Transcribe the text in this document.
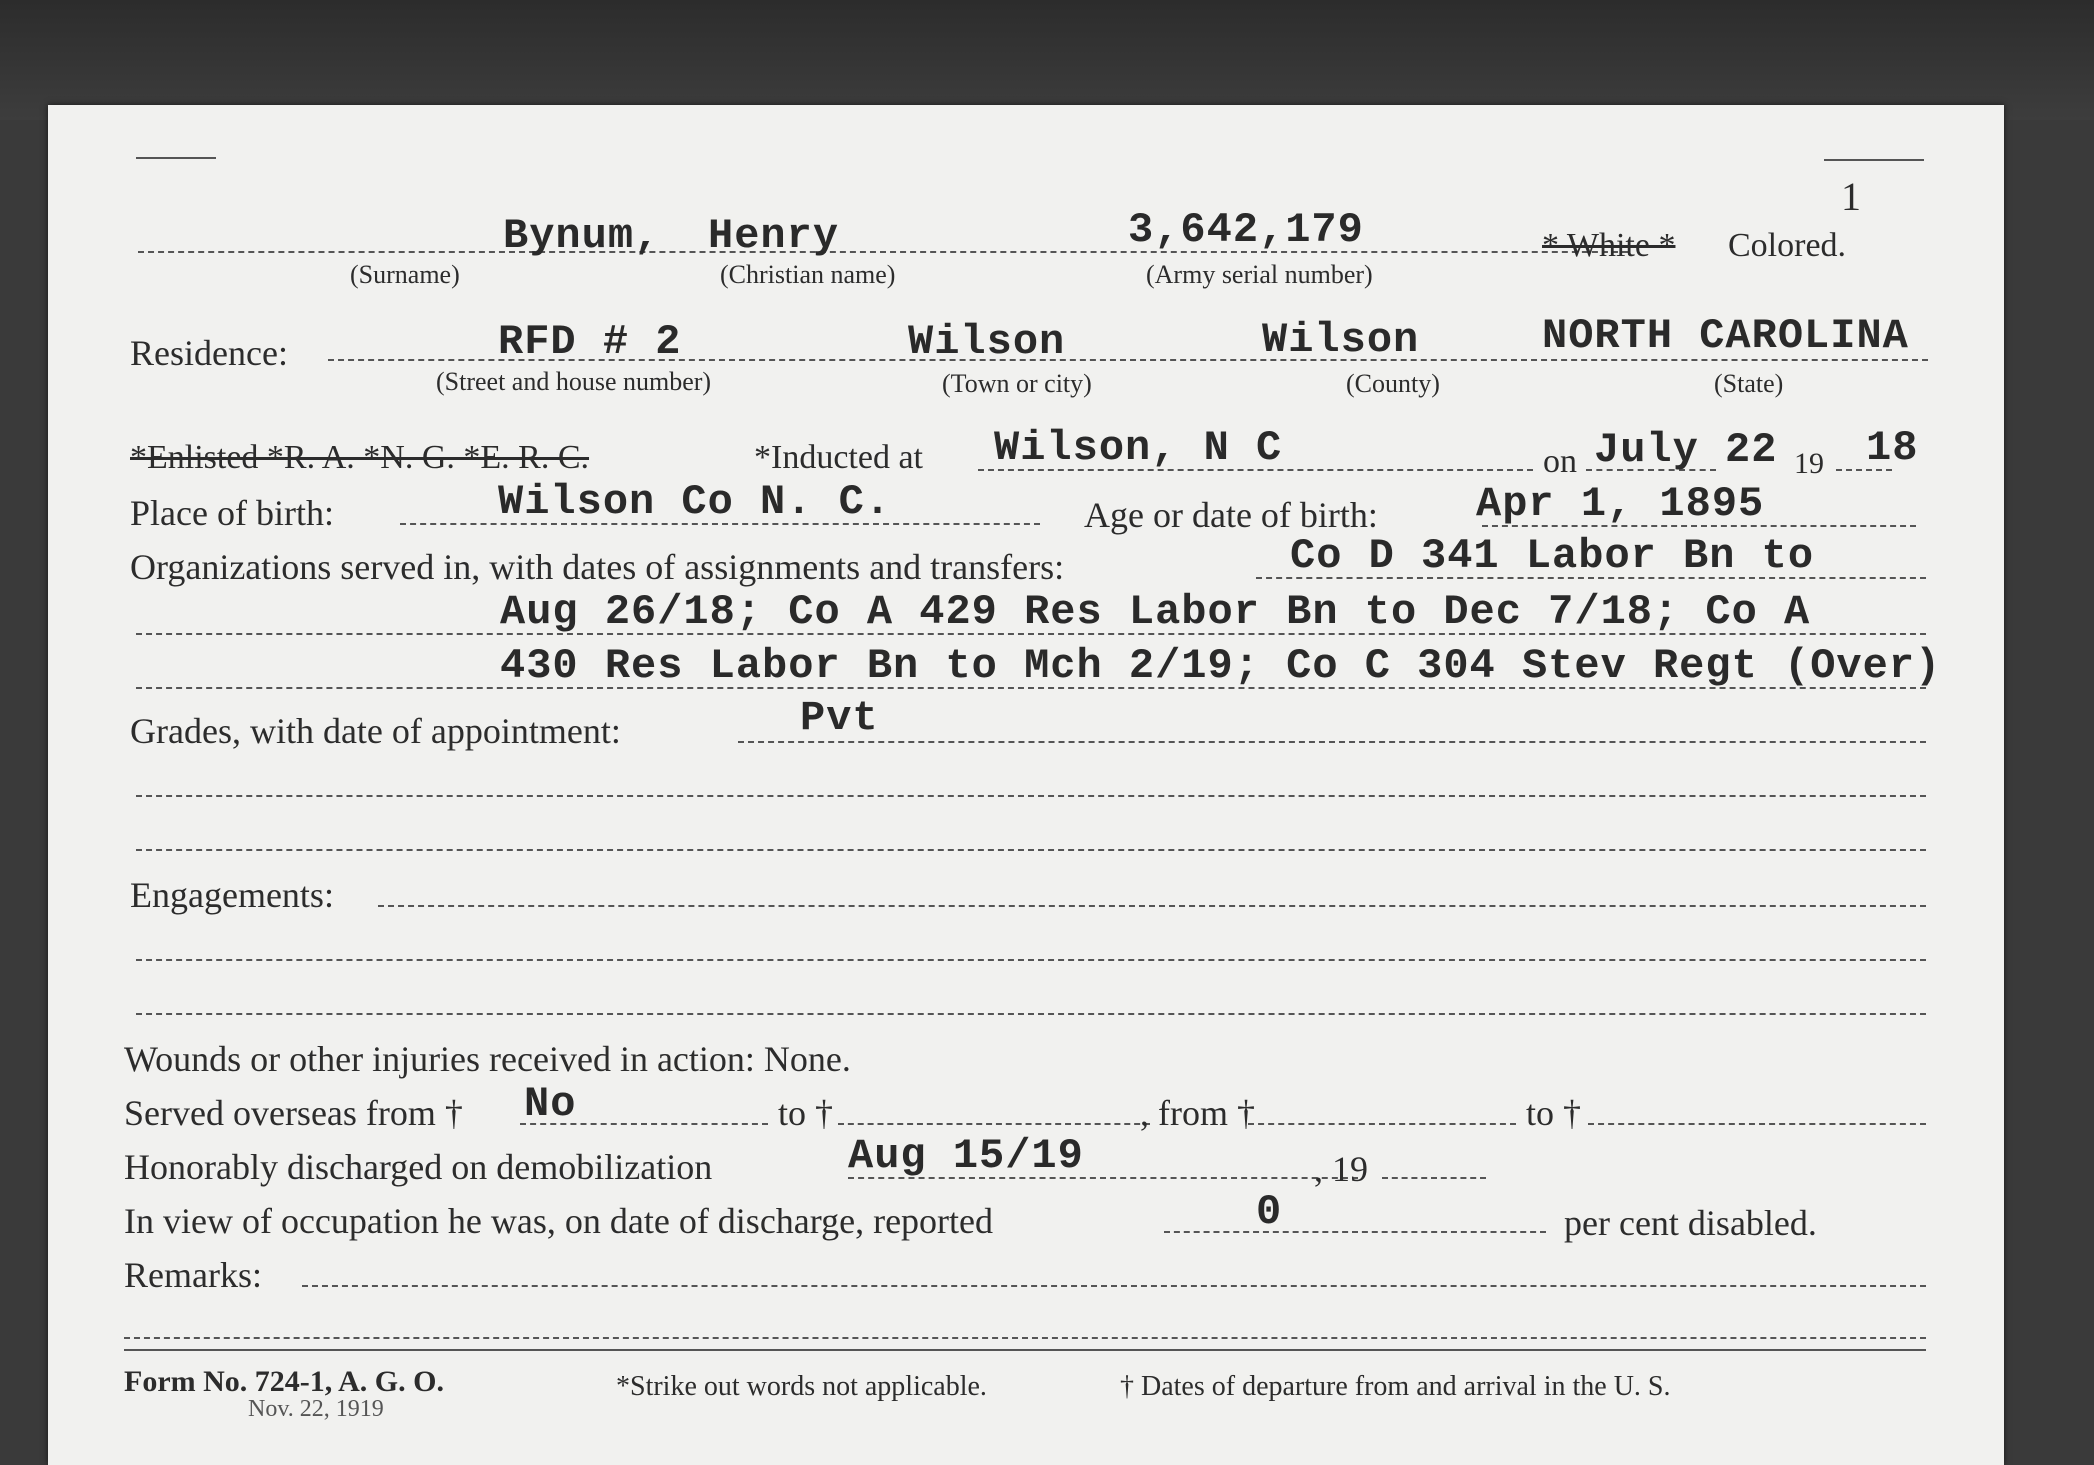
1
Bynum, Henry	3,642,179	* White * Colored.
(Surname)	(Christian name)	(Army serial number)
Residence:	RFD # 2	Wilson	Wilson	NORTH CAROLINA
(Street and house number)	(Town or city)	(County)	(State)
*Enlisted *R. A. *N. G. *E. R. C.	*Inducted at Wilson, N C	on July 22 19 18
Place of birth:	Wilson Co N. C.	Age or date of birth: Apr 1, 1895
Organizations served in, with dates of assignments and transfers:	Co D 341 Labor Bn to
Aug 26/18; Co A 429 Res Labor Bn to Dec 7/18; Co A
430 Res Labor Bn to Mch 2/19; Co C 304 Stev Regt (Over)
Grades, with date of appointment:	Pvt
Engagements:
Wounds or other injuries received in action: None.
Served overseas from † No	to †	, from †	to †
Honorably discharged on demobilization	Aug 15/19	, 19
In view of occupation he was, on date of discharge, reported	0	per cent disabled.
Remarks:
Form No. 724-1, A. G. O.
Nov. 22, 1919
*Strike out words not applicable.	† Dates of departure from and arrival in the U. S.
